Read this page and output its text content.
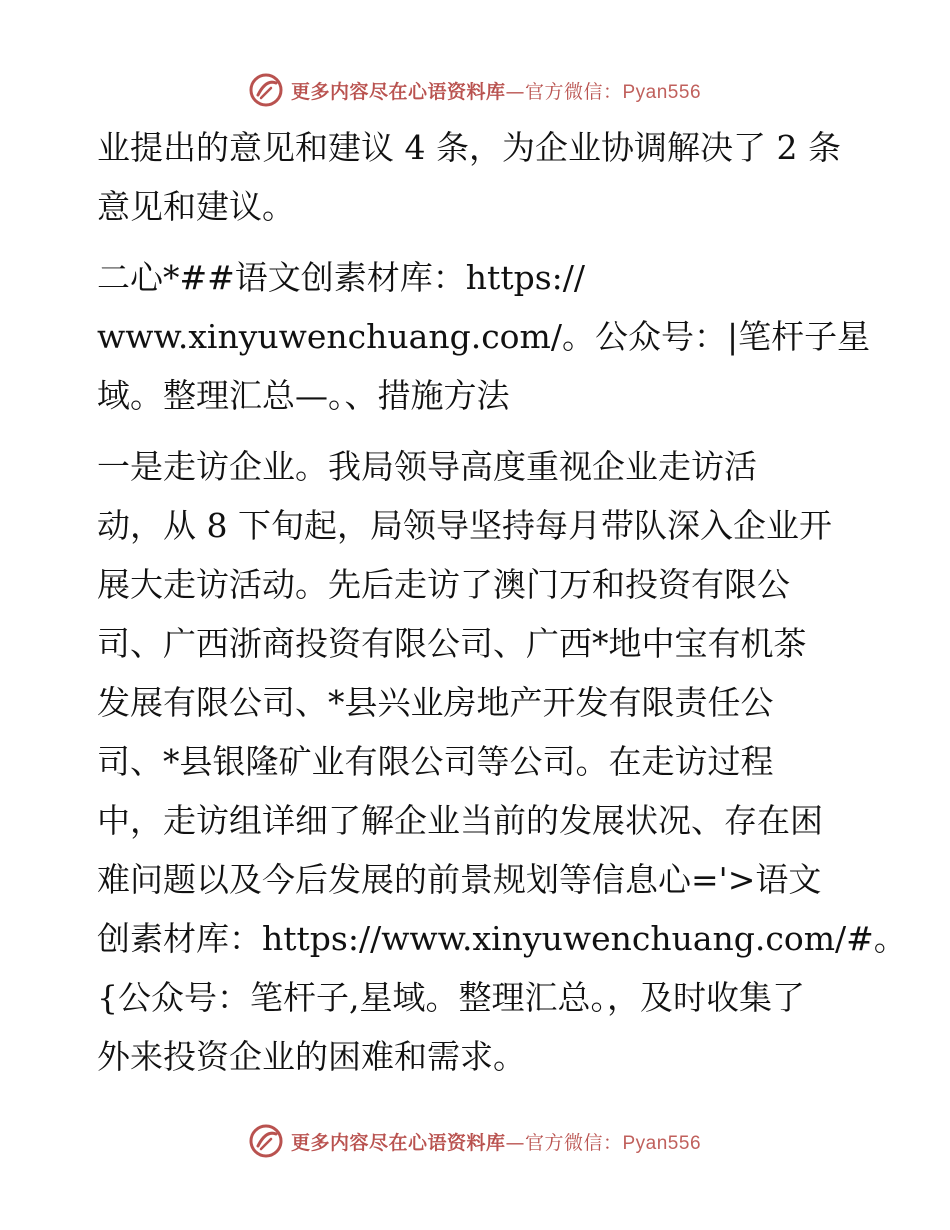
更多内容尽在心语资料库—官方微信：Pyan556
业提出的意见和建议 4 条，为企业协调解决了 2 条
意见和建议。
二心*##语文创素材库：https://
www.xinyuwenchuang.com/。公众号：|笔杆子星
域。整理汇总—。、措施方法
一是走访企业。我局领导高度重视企业走访活
动，从 8 下旬起，局领导坚持每月带队深入企业开
展大走访活动。先后走访了澳门万和投资有限公
司、广西浙商投资有限公司、广西*地中宝有机茶
发展有限公司、*县兴业房地产开发有限责任公
司、*县银隆矿业有限公司等公司。在走访过程
中，走访组详细了解企业当前的发展状况、存在困
难问题以及今后发展的前景规划等信息心='>语文
创素材库：https://www.xinyuwenchuang.com/#。
{公众号：笔杆子,星域。整理汇总。，及时收集了
外来投资企业的困难和需求。
更多内容尽在心语资料库—官方微信：Pyan556
